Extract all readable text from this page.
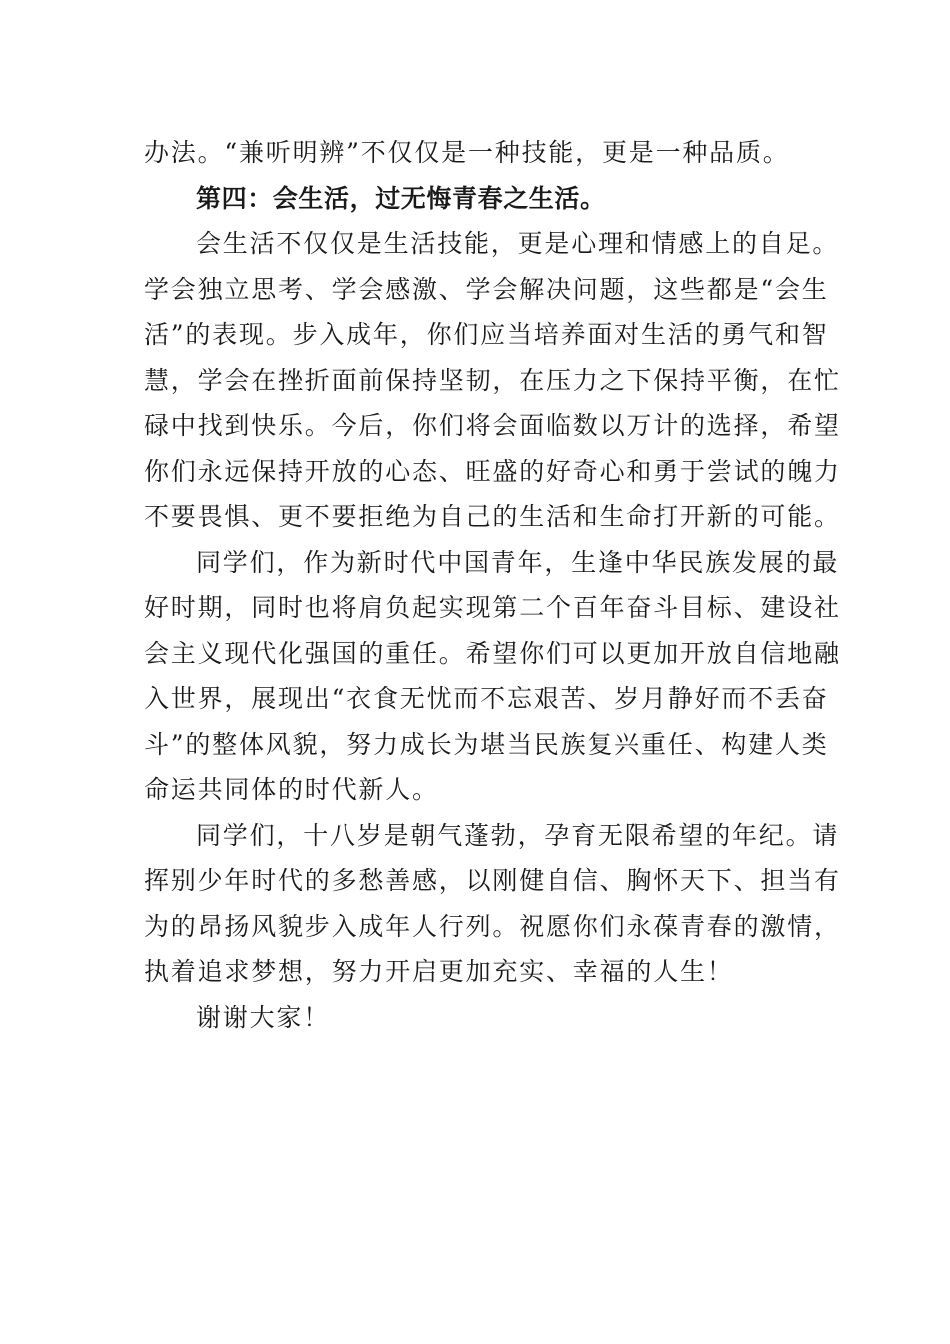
办法。“兼听明辨”不仅仅是一种技能，更是一种品质。
第四：会生活，过无悔青春之生活。
会生活不仅仅是生活技能，更是心理和情感上的自足。
学会独立思考、学会感激、学会解决问题，这些都是“会生
活”的表现。步入成年，你们应当培养面对生活的勇气和智
慧，学会在挫折面前保持坚韧，在压力之下保持平衡，在忙
碌中找到快乐。今后，你们将会面临数以万计的选择，希望
你们永远保持开放的心态、旺盛的好奇心和勇于尝试的魄力
不要畏惧、更不要拒绝为自己的生活和生命打开新的可能。
同学们，作为新时代中国青年，生逢中华民族发展的最
好时期，同时也将肩负起实现第二个百年奋斗目标、建设社
会主义现代化强国的重任。希望你们可以更加开放自信地融
入世界，展现出“衣食无忧而不忘艰苦、岁月静好而不丢奋
斗”的整体风貌，努力成长为堪当民族复兴重任、构建人类
命运共同体的时代新人。
同学们，十八岁是朝气蓬勃，孕育无限希望的年纪。请
挥别少年时代的多愁善感，以刚健自信、胸怀天下、担当有
为的昂扬风貌步入成年人行列。祝愿你们永葆青春的激情，
执着追求梦想，努力开启更加充实、幸福的人生！
谢谢大家！
